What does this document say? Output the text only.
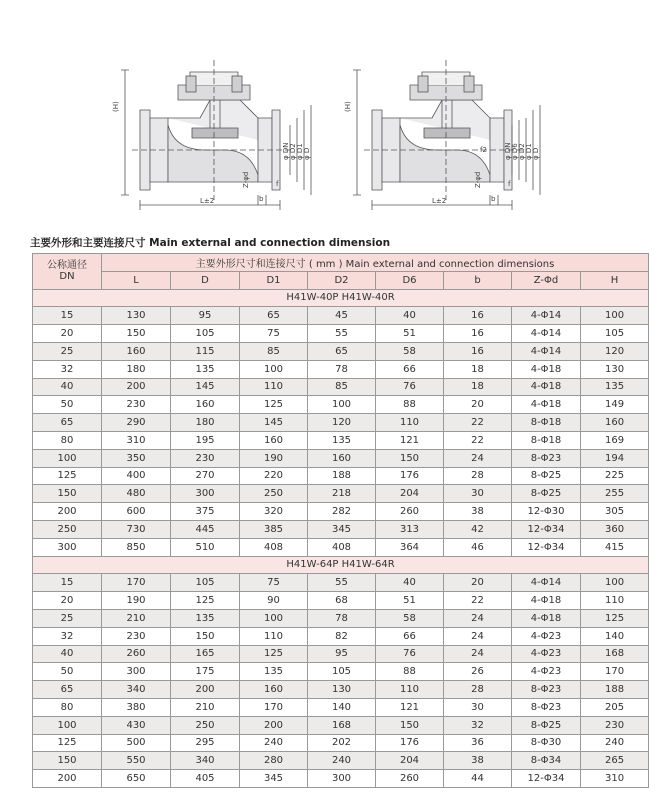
(H)
φ DN φ D2 φ D1 φ D
Z-φd	f
b
L±2
(H)
φ DN φ D6 φ D2 φ D1 φ D
f2
Z-φd	f
b
L±2
主要外形和主要连接尺寸 Main external and connection dimension
公称通径
DN	主要外形尺寸和连接尺寸 ( mm ) Main external and connection dimensions							
	L	D	D1	D2	D6	b	Z-Φd	H
H41W-40P H41W-40R								
15	130	95	65	45	40	16	4-Φ14	100
20	150	105	75	55	51	16	4-Φ14	105
25	160	115	85	65	58	16	4-Φ14	120
32	180	135	100	78	66	18	4-Φ18	130
40	200	145	110	85	76	18	4-Φ18	135
50	230	160	125	100	88	20	4-Φ18	149
65	290	180	145	120	110	22	8-Φ18	160
80	310	195	160	135	121	22	8-Φ18	169
100	350	230	190	160	150	24	8-Φ23	194
125	400	270	220	188	176	28	8-Φ25	225
150	480	300	250	218	204	30	8-Φ25	255
200	600	375	320	282	260	38	12-Φ30	305
250	730	445	385	345	313	42	12-Φ34	360
300	850	510	408	408	364	46	12-Φ34	415
H41W-64P H41W-64R								
15	170	105	75	55	40	20	4-Φ14	100
20	190	125	90	68	51	22	4-Φ18	110
25	210	135	100	78	58	24	4-Φ18	125
32	230	150	110	82	66	24	4-Φ23	140
40	260	165	125	95	76	24	4-Φ23	168
50	300	175	135	105	88	26	4-Φ23	170
65	340	200	160	130	110	28	8-Φ23	188
80	380	210	170	140	121	30	8-Φ23	205
100	430	250	200	168	150	32	8-Φ25	230
125	500	295	240	202	176	36	8-Φ30	240
150	550	340	280	240	204	38	8-Φ34	265
200	650	405	345	300	260	44	12-Φ34	310
